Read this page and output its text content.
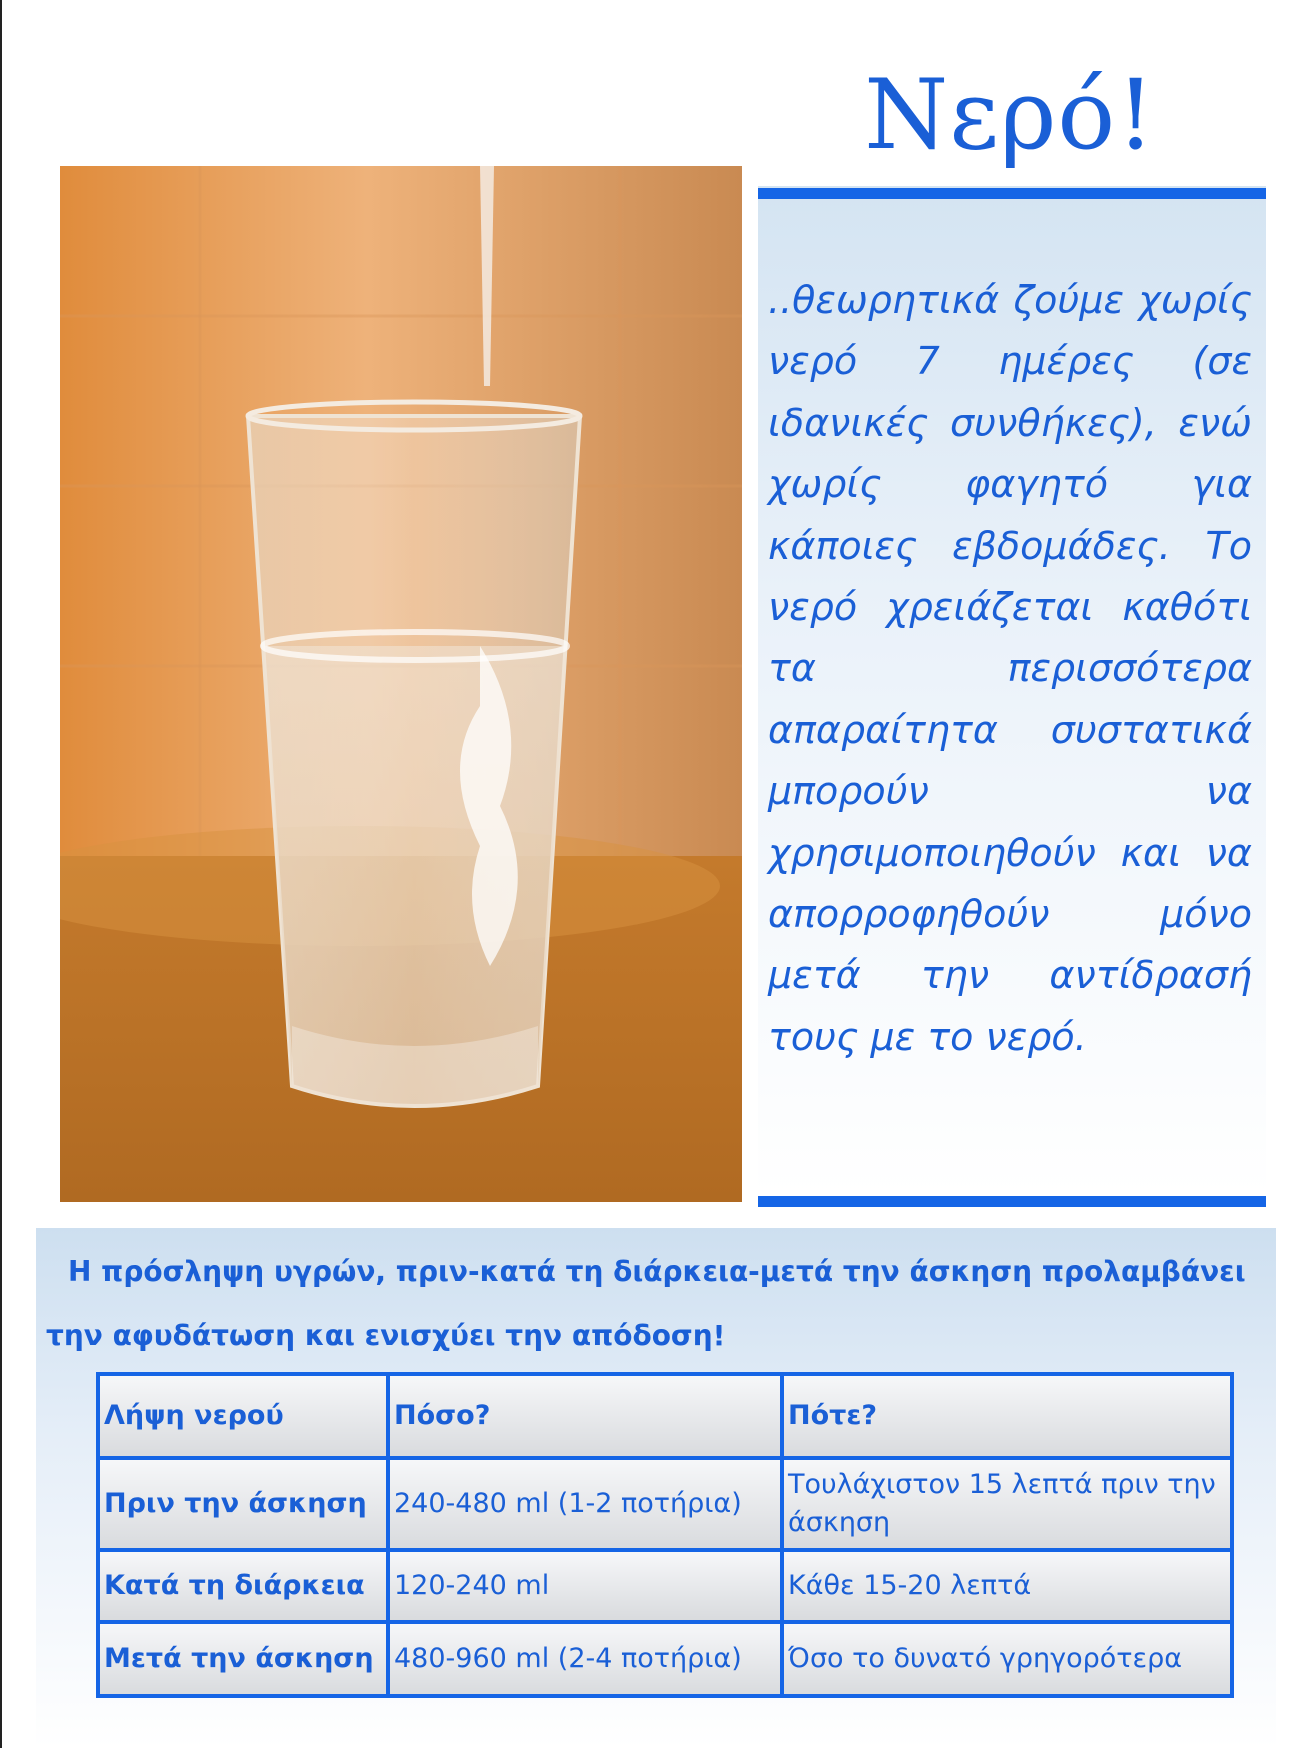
Νερό!
..θεωρητικά ζούμε χωρίς νερό 7 ημέρες (σε ιδανικές συνθήκες), ενώ χωρίς φαγητό για κάποιες εβδομάδες. Το νερό χρειάζεται καθότι τα περισσότερα απαραίτητα συστατικά μπορούν να χρησιμοποιηθούν και να απορροφηθούν μόνο μετά την αντίδρασή τους με το νερό.
Η πρόσληψη υγρών, πριν-κατά τη διάρκεια-μετά την άσκηση προλαμβάνει την αφυδάτωση και ενισχύει την απόδοση!
Λήψη νερού	Πόσο?	Πότε?
Πριν την άσκηση	240-480 ml (1-2 ποτήρια)	Τουλάχιστον 15 λεπτά πριν την άσκηση
Κατά τη διάρκεια	120-240 ml	Κάθε 15-20 λεπτά
Μετά την άσκηση	480-960 ml (2-4 ποτήρια)	Όσο το δυνατό γρηγορότερα
